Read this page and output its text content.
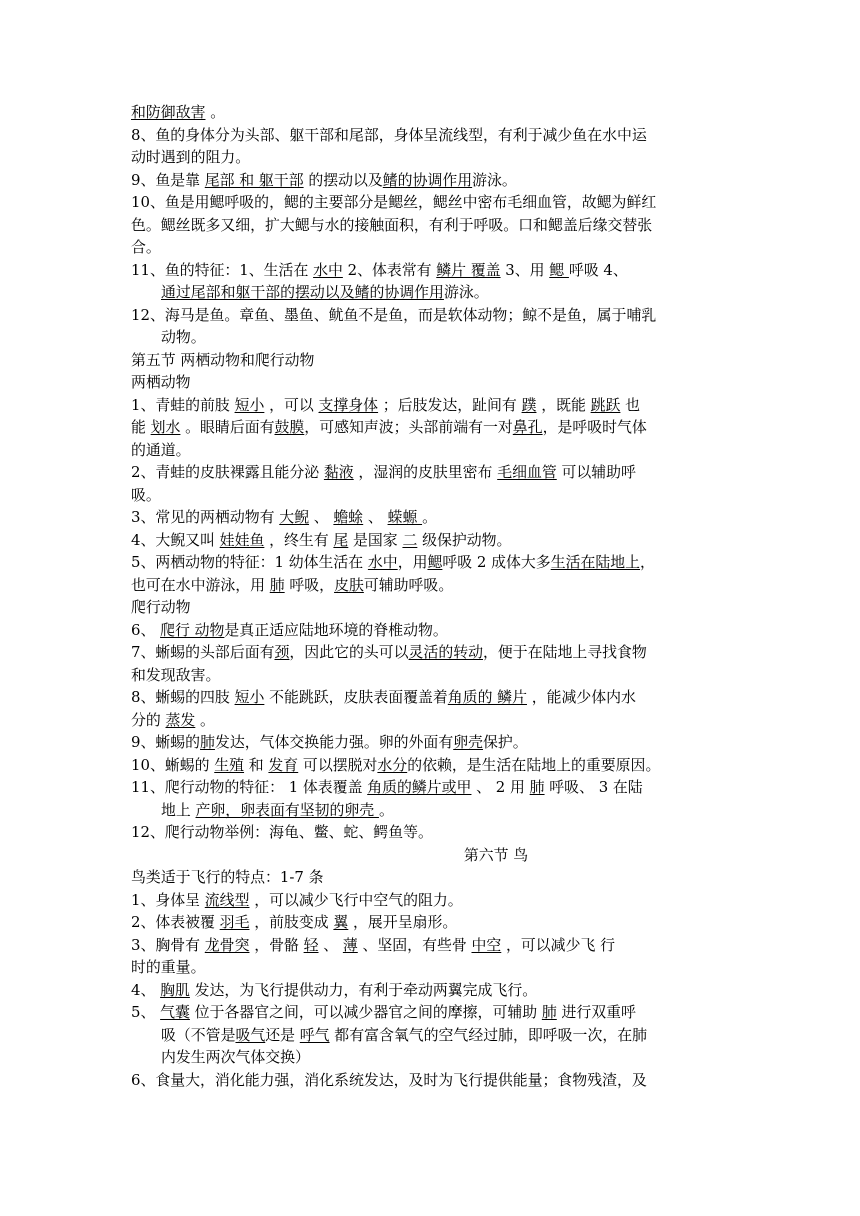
和防御敌害 。
8、鱼的身体分为头部、躯干部和尾部，身体呈流线型，有利于减少鱼在水中运
动时遇到的阻力。
9、鱼是靠 尾部 和 躯干部 的摆动以及鳍的协调作用游泳。
10、鱼是用鳃呼吸的，鳃的主要部分是鳃丝，鳃丝中密布毛细血管，故鳃为鲜红
色。鳃丝既多又细，扩大鳃与水的接触面积，有利于呼吸。口和鳃盖后缘交替张
合。
11、鱼的特征：1、生活在 水中 2、体表常有 鳞片 覆盖 3、用 鳃 呼吸 4、
通过尾部和躯干部的摆动以及鳍的协调作用游泳。
12、海马是鱼。章鱼、墨鱼、鱿鱼不是鱼，而是软体动物；鲸不是鱼，属于哺乳
动物。
第五节 两栖动物和爬行动物
两栖动物
1、青蛙的前肢 短小 ，可以 支撑身体 ；后肢发达，趾间有 蹼 ，既能 跳跃 也
能 划水 。眼睛后面有鼓膜，可感知声波；头部前端有一对鼻孔，是呼吸时气体
的通道。
2、青蛙的皮肤裸露且能分泌 黏液 ，湿润的皮肤里密布 毛细血管 可以辅助呼
吸。
3、常见的两栖动物有 大鲵 、 蟾蜍 、 蝾螈 。
4、大鲵又叫 娃娃鱼 ，终生有 尾 是国家 二 级保护动物。
5、两栖动物的特征：1 幼体生活在 水中，用鳃呼吸 2 成体大多生活在陆地上，
也可在水中游泳，用 肺 呼吸，皮肤可辅助呼吸。
爬行动物
6、 爬行 动物是真正适应陆地环境的脊椎动物。
7、蜥蜴的头部后面有颈，因此它的头可以灵活的转动，便于在陆地上寻找食物
和发现敌害。
8、蜥蜴的四肢 短小 不能跳跃，皮肤表面覆盖着角质的 鳞片 ，能减少体内水
分的 蒸发 。
9、蜥蜴的肺发达，气体交换能力强。卵的外面有卵壳保护。
10、蜥蜴的 生殖 和 发育 可以摆脱对水分的依赖，是生活在陆地上的重要原因。
11、爬行动物的特征： 1 体表覆盖 角质的鳞片或甲 、 2 用 肺 呼吸、 3 在陆
地上 产卵，卵表面有坚韧的卵壳 。
12、爬行动物举例：海龟、鳖、蛇、鳄鱼等。
第六节 鸟
鸟类适于飞行的特点：1-7 条
1、身体呈 流线型 ，可以减少飞行中空气的阻力。
2、体表被覆 羽毛 ，前肢变成 翼 ，展开呈扇形。
3、胸骨有 龙骨突 ，骨骼 轻 、 薄 、坚固，有些骨 中空 ，可以减少飞 行
时的重量。
4、 胸肌 发达，为飞行提供动力，有利于牵动两翼完成飞行。
5、 气囊 位于各器官之间，可以减少器官之间的摩擦，可辅助 肺 进行双重呼
吸（不管是吸气还是 呼气 都有富含氧气的空气经过肺，即呼吸一次，在肺
内发生两次气体交换）
6、食量大，消化能力强，消化系统发达，及时为飞行提供能量；食物残渣，及
